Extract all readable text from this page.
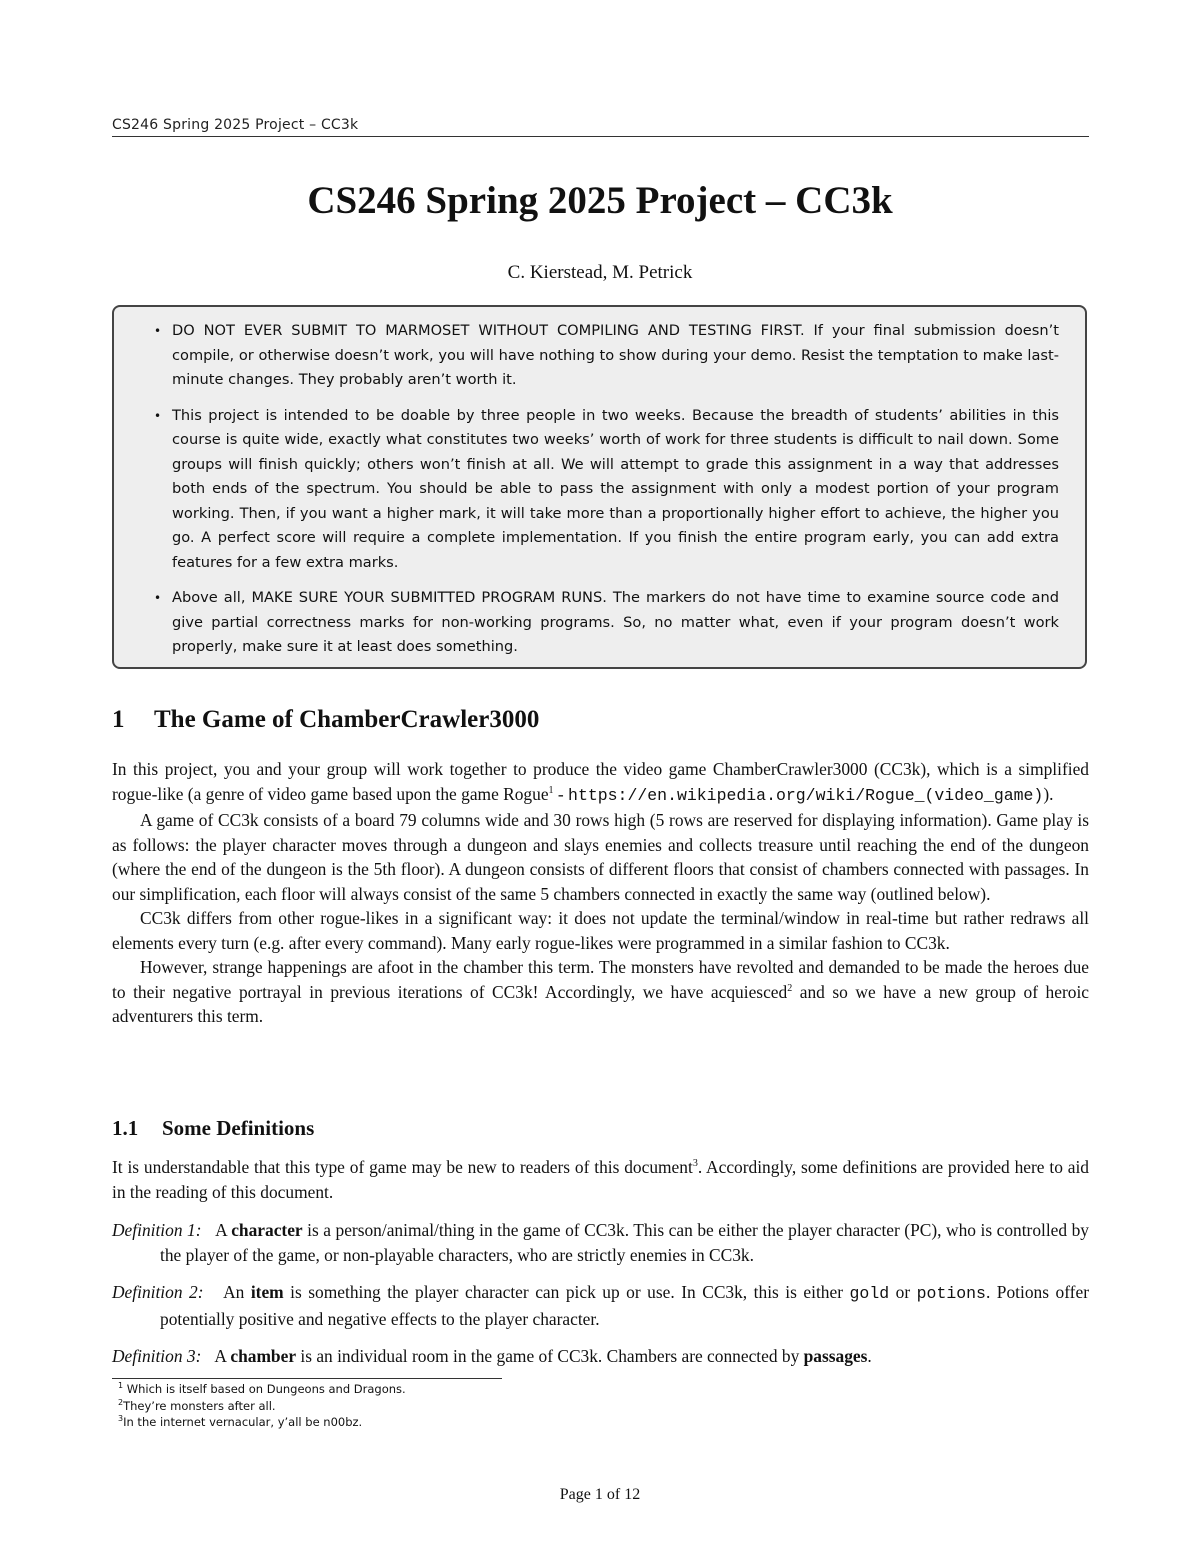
CS246 Spring 2025 Project – CC3k
CS246 Spring 2025 Project – CC3k
C. Kierstead, M. Petrick
• DO NOT EVER SUBMIT TO MARMOSET WITHOUT COMPILING AND TESTING FIRST. If your final submission doesn’t compile, or otherwise doesn’t work, you will have nothing to show during your demo. Resist the temptation to make last-minute changes. They probably aren’t worth it.
• This project is intended to be doable by three people in two weeks. Because the breadth of students’ abilities in this course is quite wide, exactly what constitutes two weeks’ worth of work for three students is difficult to nail down. Some groups will finish quickly; others won’t finish at all. We will attempt to grade this assignment in a way that addresses both ends of the spectrum. You should be able to pass the assignment with only a modest portion of your program working. Then, if you want a higher mark, it will take more than a proportionally higher effort to achieve, the higher you go. A perfect score will require a complete implementation. If you finish the entire program early, you can add extra features for a few extra marks.
• Above all, MAKE SURE YOUR SUBMITTED PROGRAM RUNS. The markers do not have time to examine source code and give partial correctness marks for non-working programs. So, no matter what, even if your program doesn’t work properly, make sure it at least does something.
1 The Game of ChamberCrawler3000

In this project, you and your group will work together to produce the video game ChamberCrawler3000 (CC3k), which is a simplified rogue-like (a genre of video game based upon the game Rogue$^1$ - https://en.wikipedia.org/wiki/Rogue_(video_game)).

A game of CC3k consists of a board 79 columns wide and 30 rows high (5 rows are reserved for displaying information). Game play is as follows: the player character moves through a dungeon and slays enemies and collects treasure until reaching the end of the dungeon (where the end of the dungeon is the 5th floor). A dungeon consists of different floors that consist of chambers connected with passages. In our simplification, each floor will always consist of the same 5 chambers connected in exactly the same way (outlined below).

CC3k differs from other rogue-likes in a significant way: it does not update the terminal/window in real-time but rather redraws all elements every turn (e.g. after every command). Many early rogue-likes were programmed in a similar fashion to CC3k.

However, strange happenings are afoot in the chamber this term. The monsters have revolted and demanded to be made the heroes due to their negative portrayal in previous iterations of CC3k! Accordingly, we have acquiesced$^2$ and so we have a new group of heroic adventurers this term.

1.1 Some Definitions

It is understandable that this type of game may be new to readers of this document$^3$. Accordingly, some definitions are provided here to aid in the reading of this document.

Definition 1: A character is a person/animal/thing in the game of CC3k. This can be either the player character (PC), who is controlled by the player of the game, or non-playable characters, who are strictly enemies in CC3k.
Definition 2: An item is something the player character can pick up or use. In CC3k, this is either gold or potions. Potions offer potentially positive and negative effects to the player character.
Definition 3: A chamber is an individual room in the game of CC3k. Chambers are connected by passages.
$^1$ Which is itself based on Dungeons and Dragons.
$^2$They’re monsters after all.
$^3$In the internet vernacular, y’all be n00bz.
Page 1 of 12
